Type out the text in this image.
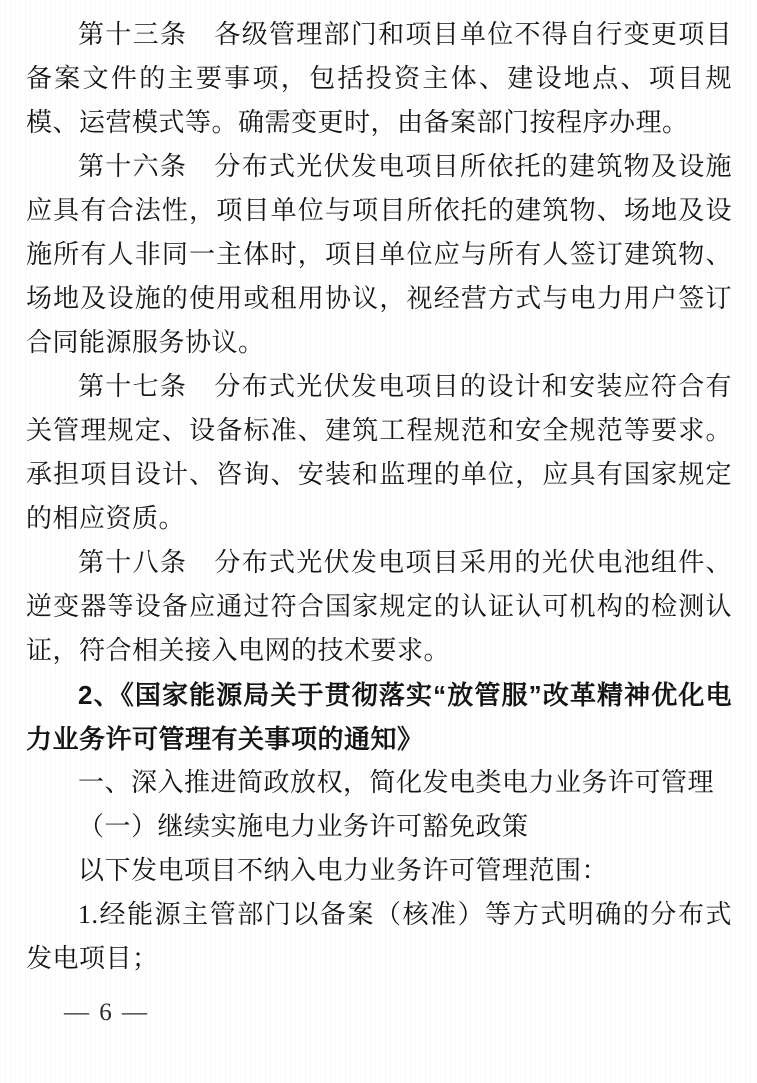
第十三条　各级管理部门和项目单位不得自行变更项目备案文件的主要事项，包括投资主体、建设地点、项目规模、运营模式等。确需变更时，由备案部门按程序办理。

第十六条　分布式光伏发电项目所依托的建筑物及设施应具有合法性，项目单位与项目所依托的建筑物、场地及设施所有人非同一主体时，项目单位应与所有人签订建筑物、场地及设施的使用或租用协议，视经营方式与电力用户签订合同能源服务协议。

第十七条　分布式光伏发电项目的设计和安装应符合有关管理规定、设备标准、建筑工程规范和安全规范等要求。承担项目设计、咨询、安装和监理的单位，应具有国家规定的相应资质。

第十八条　分布式光伏发电项目采用的光伏电池组件、逆变器等设备应通过符合国家规定的认证认可机构的检测认证，符合相关接入电网的技术要求。

2、《国家能源局关于贯彻落实“放管服”改革精神优化电力业务许可管理有关事项的通知》

一、深入推进简政放权，简化发电类电力业务许可管理

（一）继续实施电力业务许可豁免政策

以下发电项目不纳入电力业务许可管理范围：

1.经能源主管部门以备案（核准）等方式明确的分布式发电项目；

— 6 —
